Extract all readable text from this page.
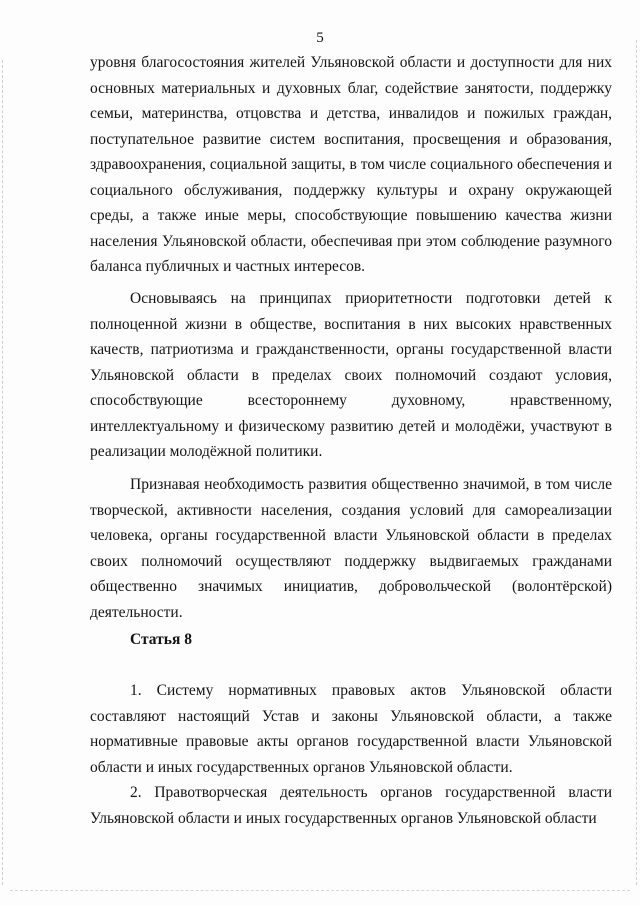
5

уровня благосостояния жителей Ульяновской области и доступности для них основных материальных и духовных благ, содействие занятости, поддержку семьи, материнства, отцовства и детства, инвалидов и пожилых граждан, поступательное развитие систем воспитания, просвещения и образования, здравоохранения, социальной защиты, в том числе социального обеспечения и социального обслуживания, поддержку культуры и охрану окружающей среды, а также иные меры, способствующие повышению качества жизни населения Ульяновской области, обеспечивая при этом соблюдение разумного баланса публичных и частных интересов.

Основываясь на принципах приоритетности подготовки детей к полноценной жизни в обществе, воспитания в них высоких нравственных качеств, патриотизма и гражданственности, органы государственной власти Ульяновской области в пределах своих полномочий создают условия, способствующие всестороннему духовному, нравственному, интеллектуальному и физическому развитию детей и молодёжи, участвуют в реализации молодёжной политики.

Признавая необходимость развития общественно значимой, в том числе творческой, активности населения, создания условий для самореализации человека, органы государственной власти Ульяновской области в пределах своих полномочий осуществляют поддержку выдвигаемых гражданами общественно значимых инициатив, добровольческой (волонтёрской) деятельности.

Статья 8

1. Систему нормативных правовых актов Ульяновской области составляют настоящий Устав и законы Ульяновской области, а также нормативные правовые акты органов государственной власти Ульяновской области и иных государственных органов Ульяновской области.

2. Правотворческая деятельность органов государственной власти Ульяновской области и иных государственных органов Ульяновской области
